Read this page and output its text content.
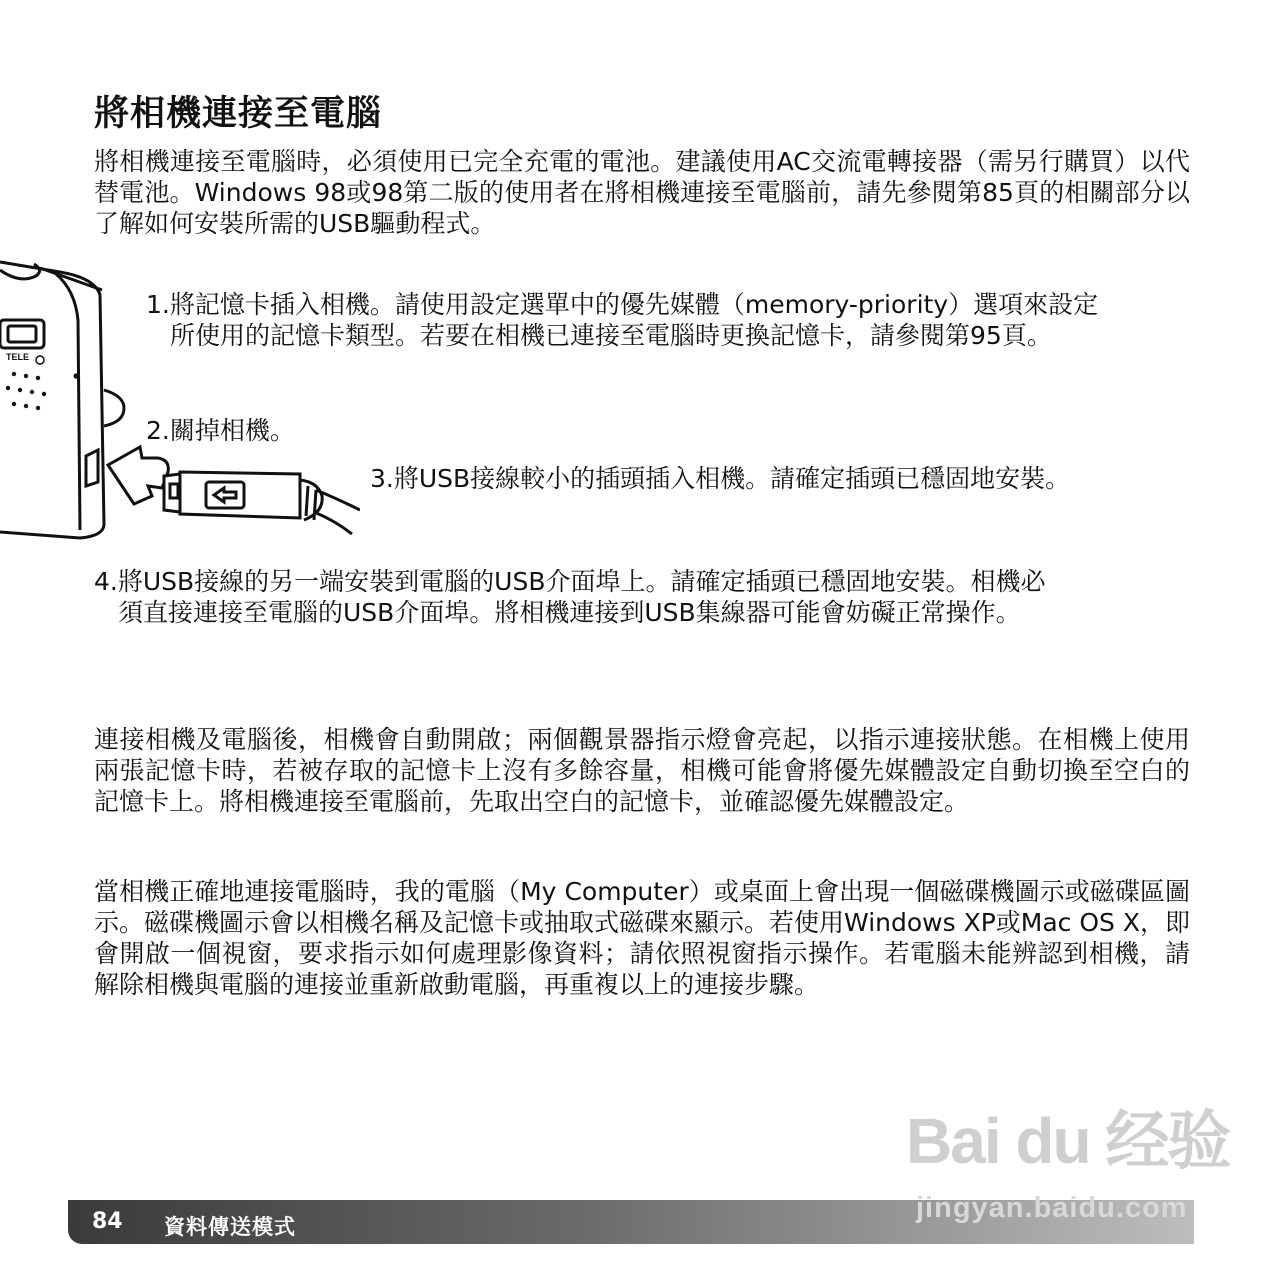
將相機連接至電腦

將相機連接至電腦時，必須使用已完全充電的電池。建議使用AC交流電轉接器（需另行購買）以代替電池。Windows 98或98第二版的使用者在將相機連接至電腦前，請先參閱第85頁的相關部分以了解如何安裝所需的USB驅動程式。

TELE
1.將記憶卡插入相機。請使用設定選單中的優先媒體（memory-priority）選項來設定
所使用的記憶卡類型。若要在相機已連接至電腦時更換記憶卡，請參閱第95頁。
2.關掉相機。
3.將USB接線較小的插頭插入相機。請確定插頭已穩固地安裝。
4.將USB接線的另一端安裝到電腦的USB介面埠上。請確定插頭已穩固地安裝。相機必
須直接連接至電腦的USB介面埠。將相機連接到USB集線器可能會妨礙正常操作。

連接相機及電腦後，相機會自動開啟；兩個觀景器指示燈會亮起，以指示連接狀態。在相機上使用兩張記憶卡時，若被存取的記憶卡上沒有多餘容量，相機可能會將優先媒體設定自動切換至空白的記憶卡上。將相機連接至電腦前，先取出空白的記憶卡，並確認優先媒體設定。

當相機正確地連接電腦時，我的電腦（My Computer）或桌面上會出現一個磁碟機圖示或磁碟區圖示。磁碟機圖示會以相機名稱及記憶卡或抽取式磁碟來顯示。若使用Windows XP或Mac OS X，即會開啟一個視窗，要求指示如何處理影像資料；請依照視窗指示操作。若電腦未能辨認到相機，請解除相機與電腦的連接並重新啟動電腦，再重複以上的連接步驟。

Bai du 经验
84 資料傳送模式
jingyan.baidu.com
